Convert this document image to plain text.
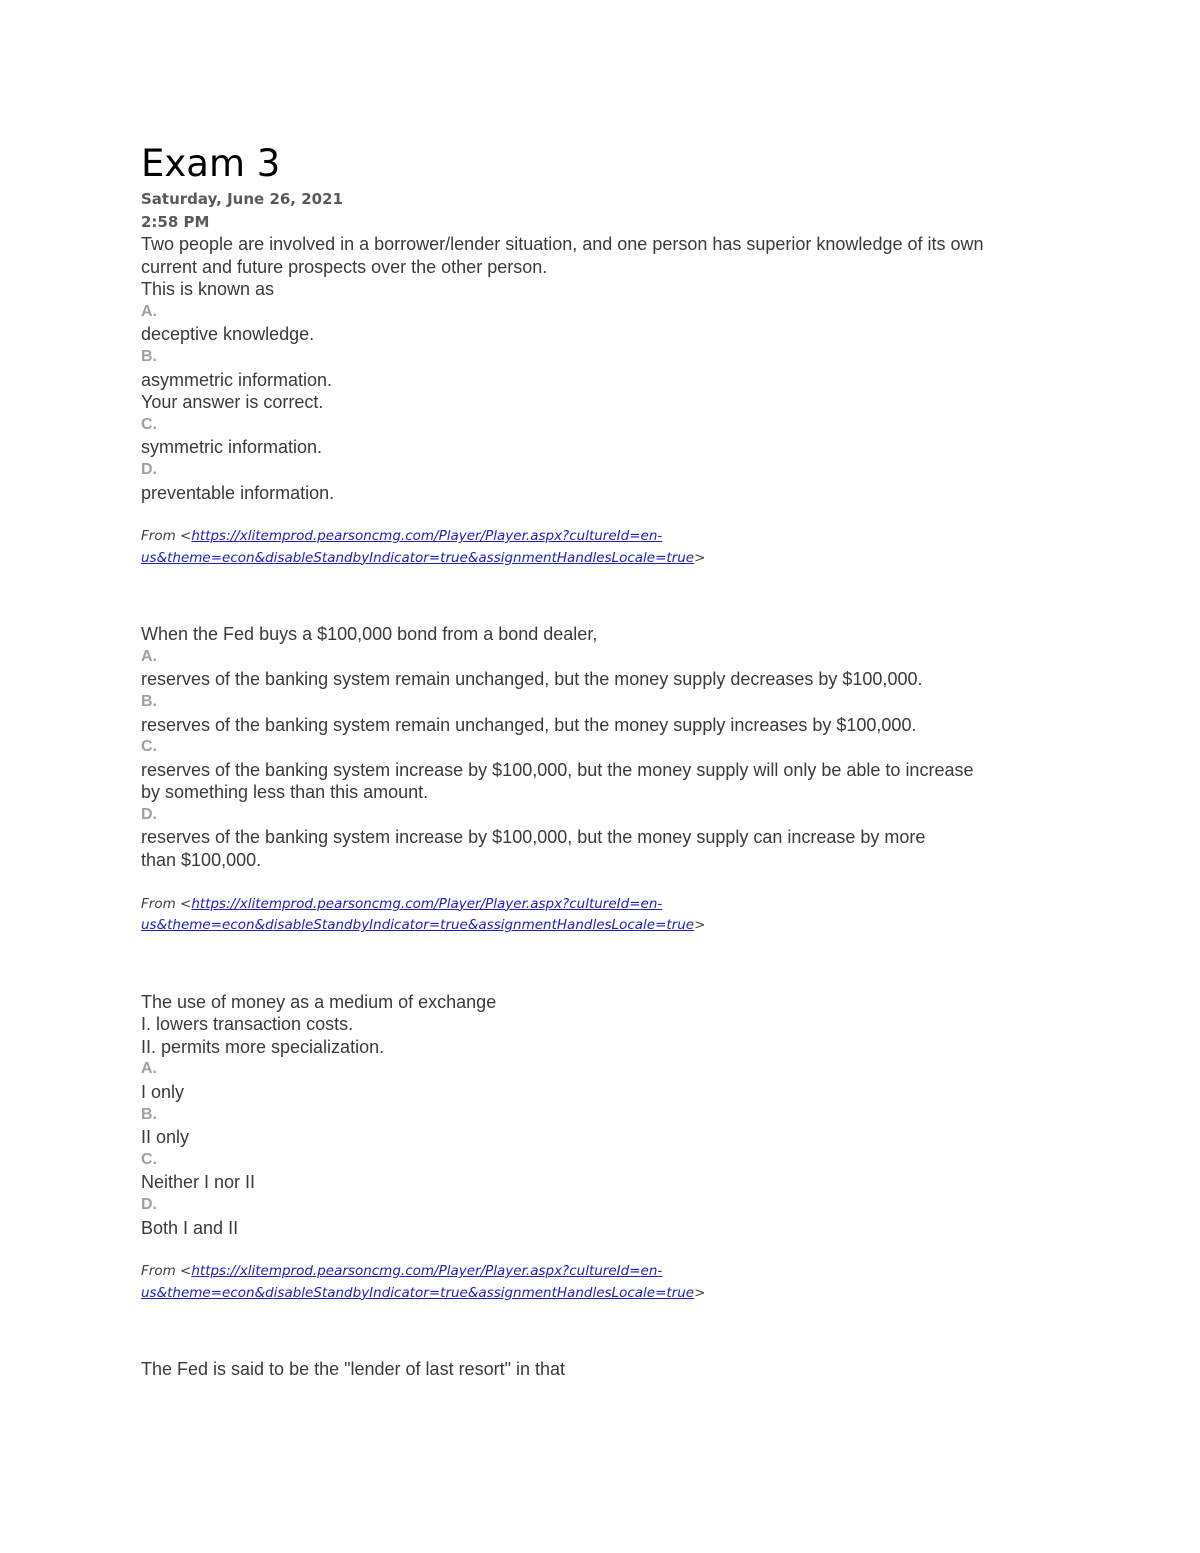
Exam 3
Saturday, June 26, 2021
2:58 PM
Two people are involved in a borrower/lender situation, and one person has superior knowledge of its own
current and future prospects over the other person.
This is known as
A.
deceptive knowledge.
B.
asymmetric information.
Your answer is correct.
C.
symmetric information.
D.
preventable information.
From <https://xlitemprod.pearsoncmg.com/Player/Player.aspx?cultureId=en-
us&theme=econ&disableStandbyIndicator=true&assignmentHandlesLocale=true>
When the Fed buys a $100,000 bond from a bond dealer,
A.
reserves of the banking system remain unchanged, but the money supply decreases by $100,000.
B.
reserves of the banking system remain unchanged, but the money supply increases by $100,000.
C.
reserves of the banking system increase by $100,000, but the money supply will only be able to increase
by something less than this amount.
D.
reserves of the banking system increase by $100,000, but the money supply can increase by more
than $100,000.
From <https://xlitemprod.pearsoncmg.com/Player/Player.aspx?cultureId=en-
us&theme=econ&disableStandbyIndicator=true&assignmentHandlesLocale=true>
The use of money as a medium of exchange
I. lowers transaction costs.
II. permits more specialization.
A.
I only
B.
II only
C.
Neither I nor II
D.
Both I and II
From <https://xlitemprod.pearsoncmg.com/Player/Player.aspx?cultureId=en-
us&theme=econ&disableStandbyIndicator=true&assignmentHandlesLocale=true>
The Fed is said to be the "lender of last resort" in that
